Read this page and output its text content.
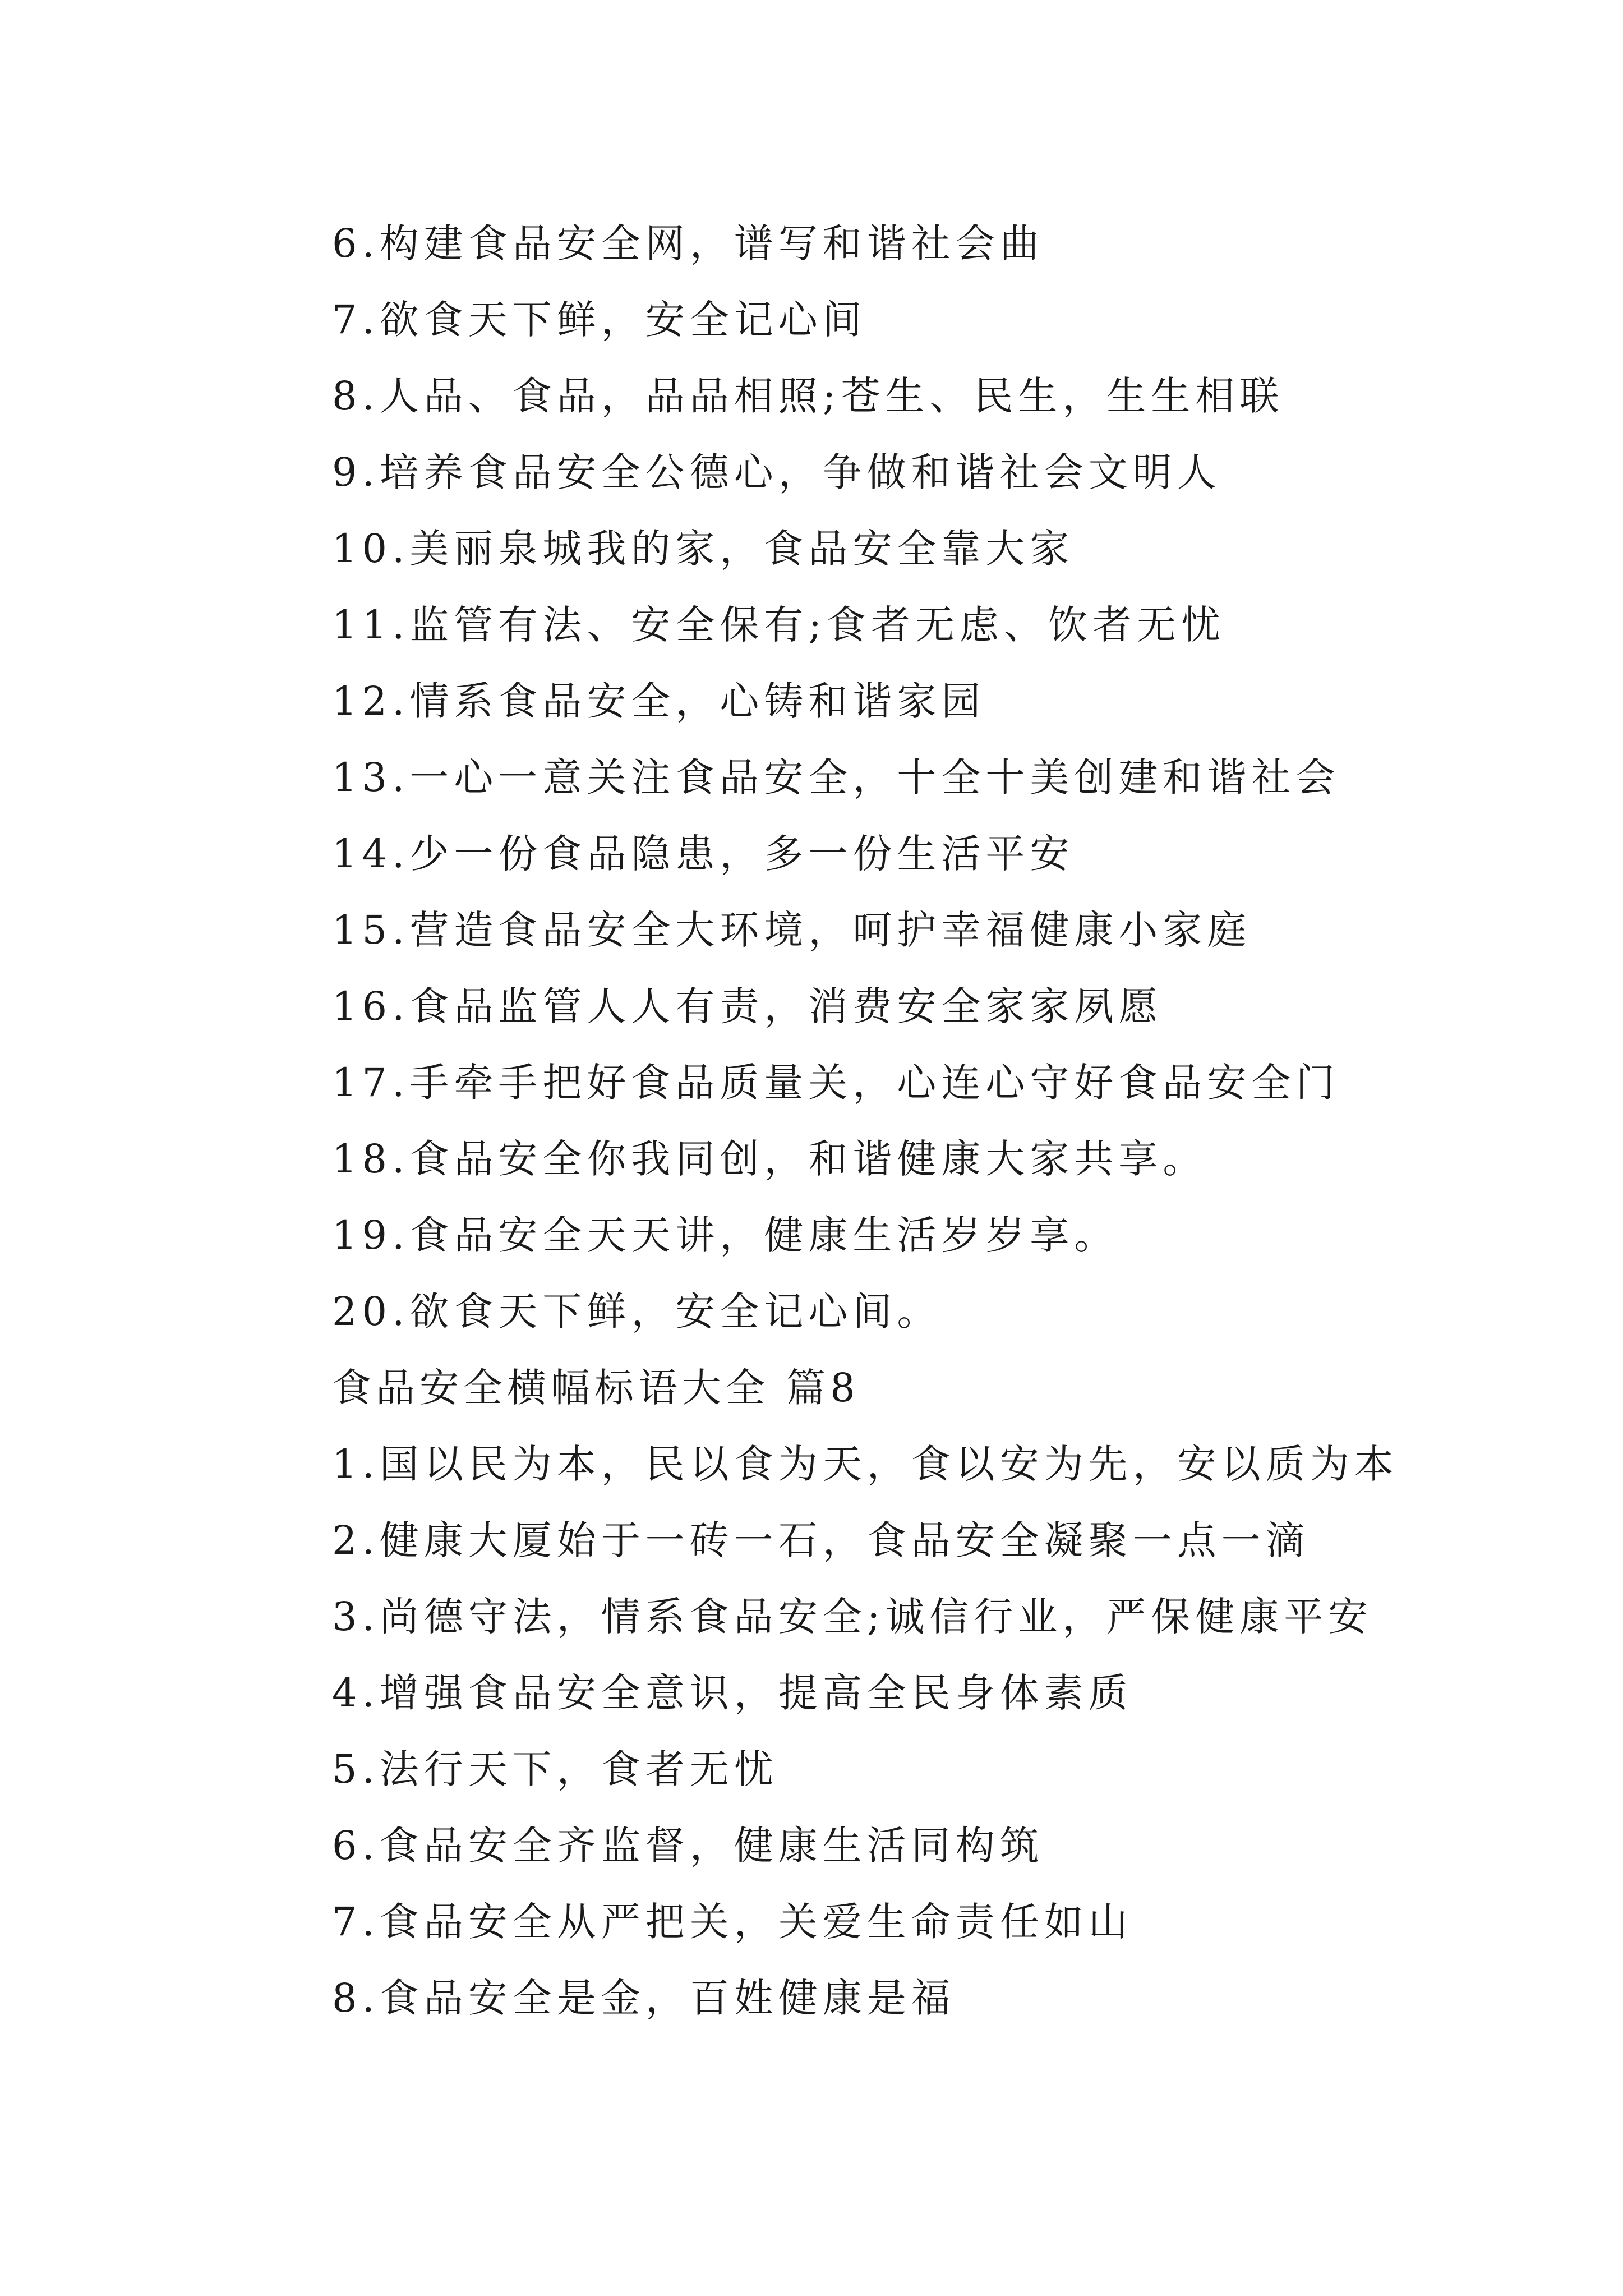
6.构建食品安全网，谱写和谐社会曲
7.欲食天下鲜，安全记心间
8.人品、食品，品品相照;苍生、民生，生生相联
9.培养食品安全公德心，争做和谐社会文明人
10.美丽泉城我的家，食品安全靠大家
11.监管有法、安全保有;食者无虑、饮者无忧
12.情系食品安全，心铸和谐家园
13.一心一意关注食品安全，十全十美创建和谐社会
14.少一份食品隐患，多一份生活平安
15.营造食品安全大环境，呵护幸福健康小家庭
16.食品监管人人有责，消费安全家家夙愿
17.手牵手把好食品质量关，心连心守好食品安全门
18.食品安全你我同创，和谐健康大家共享。
19.食品安全天天讲，健康生活岁岁享。
20.欲食天下鲜，安全记心间。
食品安全横幅标语大全 篇8
1.国以民为本，民以食为天，食以安为先，安以质为本
2.健康大厦始于一砖一石，食品安全凝聚一点一滴
3.尚德守法，情系食品安全;诚信行业，严保健康平安
4.增强食品安全意识，提高全民身体素质
5.法行天下，食者无忧
6.食品安全齐监督，健康生活同构筑
7.食品安全从严把关，关爱生命责任如山
8.食品安全是金，百姓健康是福
